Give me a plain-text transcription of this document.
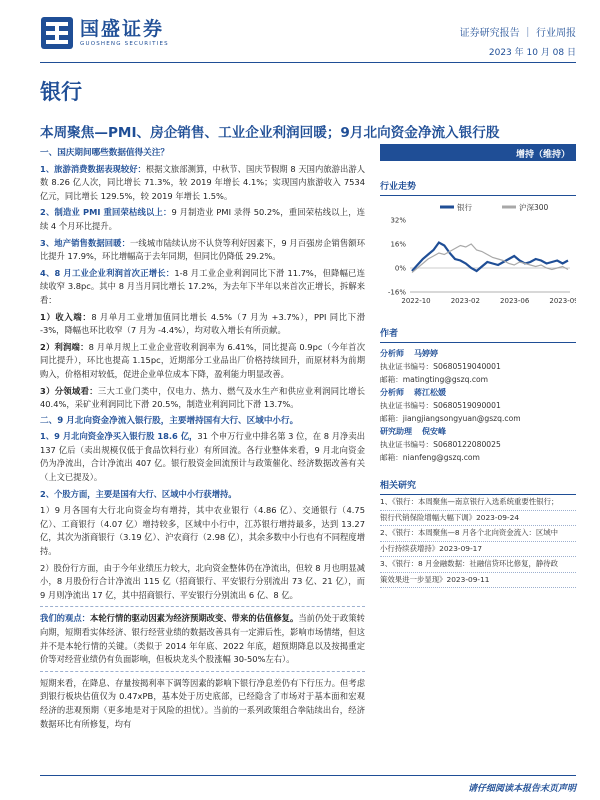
国盛证券
GUOSHENG SECURITIES
证券研究报告 ｜ 行业周报
2023 年 10 月 08 日
银行
本周聚焦—PMI、房企销售、工业企业利润回暖；9月北向资金净流入银行股
一、国庆期间哪些数据值得关注？

1、旅游消费数据表现较好：根据文旅部测算，中秋节、国庆节假期 8 天国内旅游出游人数 8.26 亿人次，同比增长 71.3%，较 2019 年增长 4.1%；实现国内旅游收入 7534 亿元，同比增长 129.5%，较 2019 年增长 1.5%。

2、制造业 PMI 重回荣枯线以上：9 月制造业 PMI 录得 50.2%，重回荣枯线以上，连续 4 个月环比提升。

3、地产销售数据回暖：一线城市陆续认房不认贷等利好因素下，9 月百强房企销售额环比提升 17.9%，环比增幅高于去年同期，但同比仍降低 29.2%。

4、8 月工业企业利润首次正增长：1-8 月工业企业利润同比下滑 11.7%，但降幅已连续收窄 3.8pc。其中 8 月当月同比增长 17.2%，为去年下半年以来首次正增长，拆解来看：

1）收入端：8 月单月工业增加值同比增长 4.5%（7 月为 +3.7%），PPI 同比下滑 -3%，降幅也环比收窄（7 月为 -4.4%），均对收入增长有所贡献。

2）利润端：8 月单月规上工业企业营收利润率为 6.41%，同比提高 0.9pc（今年首次同比提升），环比也提高 1.15pc，近期部分工业品出厂价格持续回升，而原材料为前期购入，价格相对较低，促进企业单位成本下降，盈利能力明显改善。

3）分领域看：三大工业门类中，仅电力、热力、燃气及水生产和供应业利润同比增长 40.4%，采矿业利润同比下滑 20.5%，制造业利润同比下滑 13.7%。

二、9 月北向资金净流入银行股，主要增持国有大行、区域中小行。

1、9 月北向资金净买入银行股 18.6 亿，31 个申万行业中排名第 3 位，在 8 月净卖出 137 亿后（卖出规模仅低于食品饮料行业）有所回流。各行业整体来看，9 月北向资金仍为净流出，合计净流出 407 亿。银行股资金回流预计与政策催化、经济数据改善有关（上文已提及）。

2、个股方面，主要是国有大行、区域中小行获增持。

1）9 月各国有大行北向资金均有增持，其中农业银行（4.86 亿）、交通银行（4.75 亿）、工商银行（4.07 亿）增持较多，区域中小行中，江苏银行增持最多，达到 13.27 亿，其次为浙商银行（3.19 亿）、沪农商行（2.98 亿），其余多数中小行也有不同程度增持。

2）股份行方面，由于今年业绩压力较大，北向资金整体仍在净流出，但较 8 月也明显减小，8 月股份行合计净流出 115 亿（招商银行、平安银行分别流出 73 亿、21 亿），而 9 月则净流出 17 亿，其中招商银行、平安银行分别流出 6 亿、8 亿。

我们的观点：本轮行情的驱动因素为经济预期改变、带来的估值修复。当前仍处于政策转向期，短期看实体经济、银行经营业绩的数据改善具有一定滞后性，影响市场情绪，但这并不是本轮行情的关键。（类似于 2014 年年底、2022 年底，超预期降息以及按揭重定价等对经营业绩仍有负面影响，但板块龙头个股涨幅 30-50%左右）。

短期来看，在降息、存量按揭利率下调等因素的影响下银行净息差仍有下行压力。但考虑到银行板块估值仅为 0.47xPB，基本处于历史底部，已经隐含了市场对于基本面和宏观经济的悲观预期（更多地是对于风险的担忧）。当前的一系列政策组合拳陆续出台，经济数据环比有所修复，均有

增持（维持）
行业走势
银行	沪深300
32%
16%
0%
-16%
2022-10	2023-02	2023-06	2023-09
作者
分析师 马婷婷
执业证书编号：S0680519040001
邮箱：matingting@gszq.com
分析师 蒋江松媛
执业证书编号：S0680519090001
邮箱：jiangjiangsongyuan@gszq.com
研究助理 倪安峰
执业证书编号：S0680122080025
邮箱：nianfeng@gszq.com
相关研究
1、《银行：本周聚焦—南京银行入选系统重要性银行；
银行代销保险增幅大幅下调》2023-09-24
2、《银行：本周聚焦—8 月各个北向资金流入：区域中
小行持续获增持》2023-09-17
3、《银行：8 月金融数据：社融信贷环比修复，静待政
策效果进一步显现》2023-09-11
请仔细阅读本报告末页声明
